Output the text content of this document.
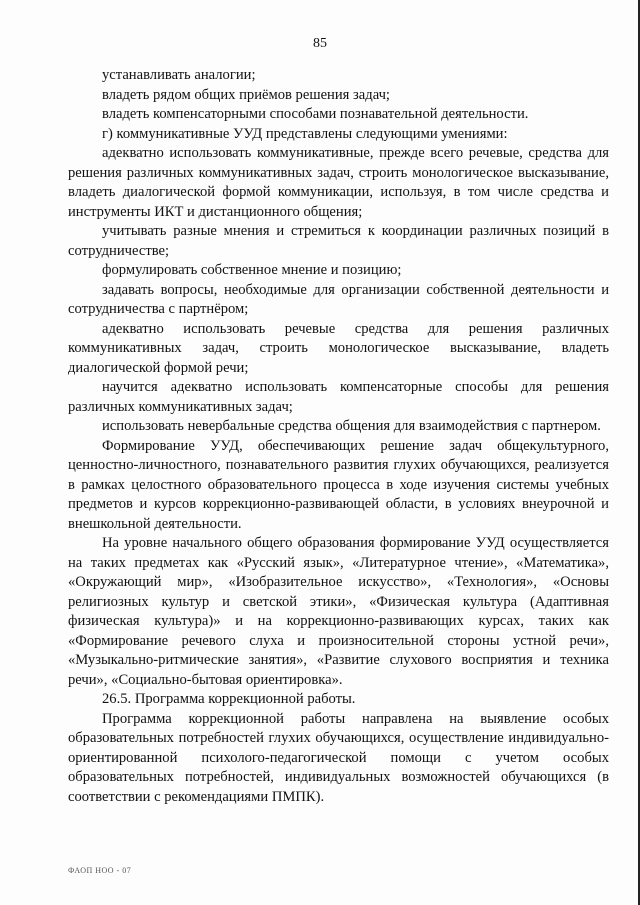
85

устанавливать аналогии;

владеть рядом общих приёмов решения задач;

владеть компенсаторными способами познавательной деятельности.

г) коммуникативные УУД представлены следующими умениями:

адекватно использовать коммуникативные, прежде всего речевые, средства для решения различных коммуникативных задач, строить монологическое высказывание, владеть диалогической формой коммуникации, используя, в том числе средства и инструменты ИКТ и дистанционного общения;

учитывать разные мнения и стремиться к координации различных позиций в сотрудничестве;

формулировать собственное мнение и позицию;

задавать вопросы, необходимые для организации собственной деятельности и сотрудничества с партнёром;

адекватно использовать речевые средства для решения различных коммуникативных задач, строить монологическое высказывание, владеть диалогической формой речи;

научится адекватно использовать компенсаторные способы для решения различных коммуникативных задач;

использовать невербальные средства общения для взаимодействия с партнером.

Формирование УУД, обеспечивающих решение задач общекультурного, ценностно-личностного, познавательного развития глухих обучающихся, реализуется в рамках целостного образовательного процесса в ходе изучения системы учебных предметов и курсов коррекционно-развивающей области, в условиях внеурочной и внешкольной деятельности.

На уровне начального общего образования формирование УУД осуществляется на таких предметах как «Русский язык», «Литературное чтение», «Математика», «Окружающий мир», «Изобразительное искусство», «Технология», «Основы религиозных культур и светской этики», «Физическая культура (Адаптивная физическая культура)» и на коррекционно-развивающих курсах, таких как «Формирование речевого слуха и произносительной стороны устной речи», «Музыкально-ритмические занятия», «Развитие слухового восприятия и техника речи», «Социально-бытовая ориентировка».

26.5. Программа коррекционной работы.

Программа коррекционной работы направлена на выявление особых образовательных потребностей глухих обучающихся, осуществление индивидуально-ориентированной психолого-педагогической помощи с учетом особых образовательных потребностей, индивидуальных возможностей обучающихся (в соответствии с рекомендациями ПМПК).

ФАОП НОО - 07
